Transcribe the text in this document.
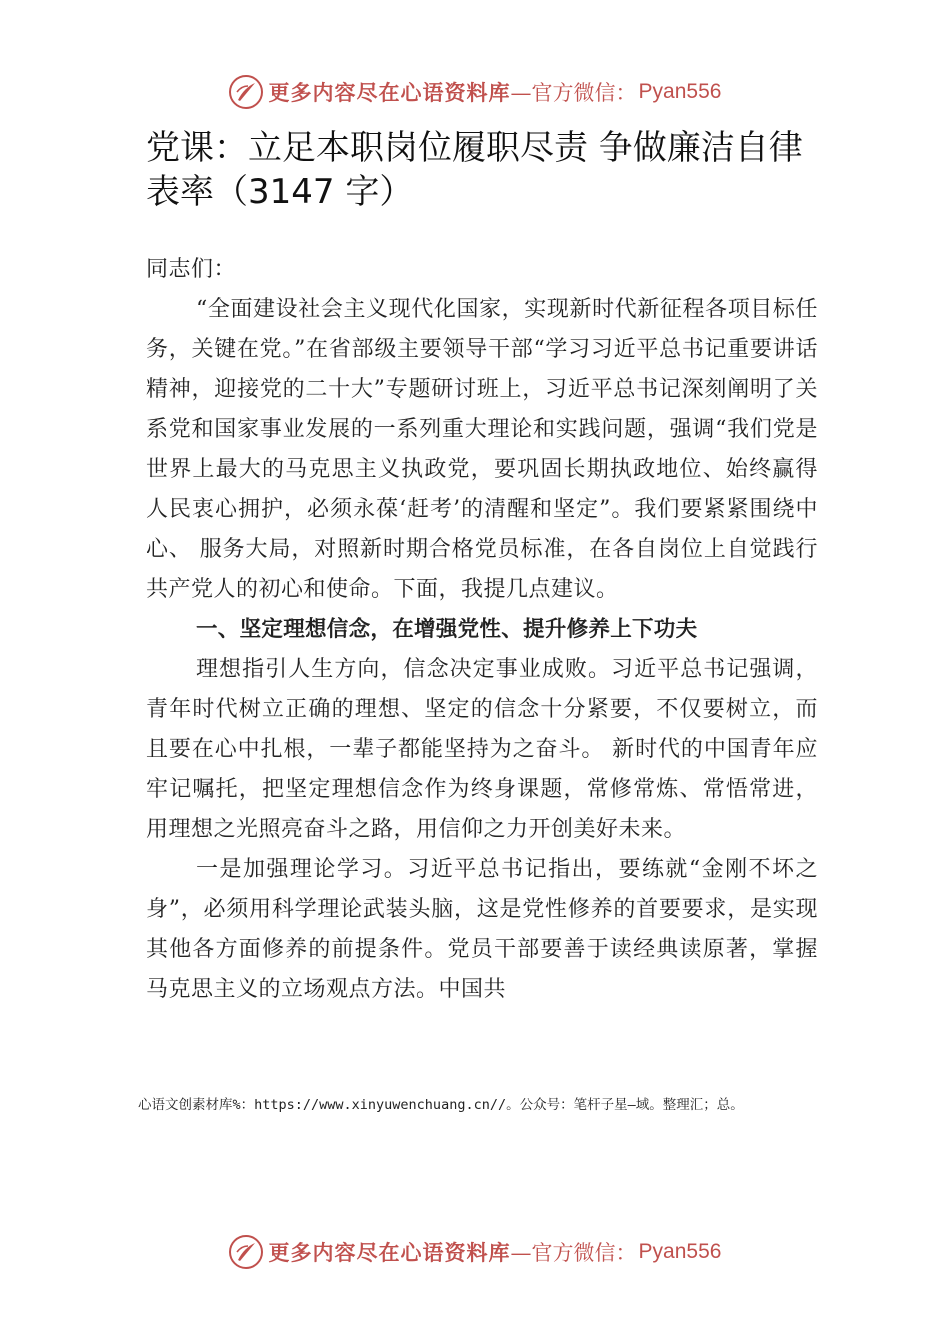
更多内容尽在心语资料库 —官方微信： Pyan556
党课：立足本职岗位履职尽责 争做廉洁自律表率（3147 字）

同志们：

“全面建设社会主义现代化国家，实现新时代新征程各项目标任务，关键在党。”在省部级主要领导干部“学习习近平总书记重要讲话精神，迎接党的二十大”专题研讨班上，习近平总书记深刻阐明了关系党和国家事业发展的一系列重大理论和实践问题，强调“我们党是世界上最大的马克思主义执政党，要巩固长期执政地位、始终赢得人民衷心拥护，必须永葆‘赶考’的清醒和坚定”。我们要紧紧围绕中心、 服务大局，对照新时期合格党员标准，在各自岗位上自觉践行共产党人的初心和使命。下面，我提几点建议。

一、坚定理想信念，在增强党性、提升修养上下功夫

理想指引人生方向，信念决定事业成败。习近平总书记强调，青年时代树立正确的理想、坚定的信念十分紧要，不仅要树立，而且要在心中扎根，一辈子都能坚持为之奋斗。 新时代的中国青年应牢记嘱托，把坚定理想信念作为终身课题，常修常炼、常悟常进，用理想之光照亮奋斗之路，用信仰之力开创美好未来。

一是加强理论学习。习近平总书记指出，要练就“金刚不坏之身”，必须用科学理论武装头脑，这是党性修养的首要要求，是实现其他各方面修养的前提条件。党员干部要善于读经典读原著，掌握马克思主义的立场观点方法。中国共

心语文创素材库%：https://www.xinyuwenchuang.cn//。公众号：笔杆子星—域。整理汇；总。
更多内容尽在心语资料库 —官方微信： Pyan556
